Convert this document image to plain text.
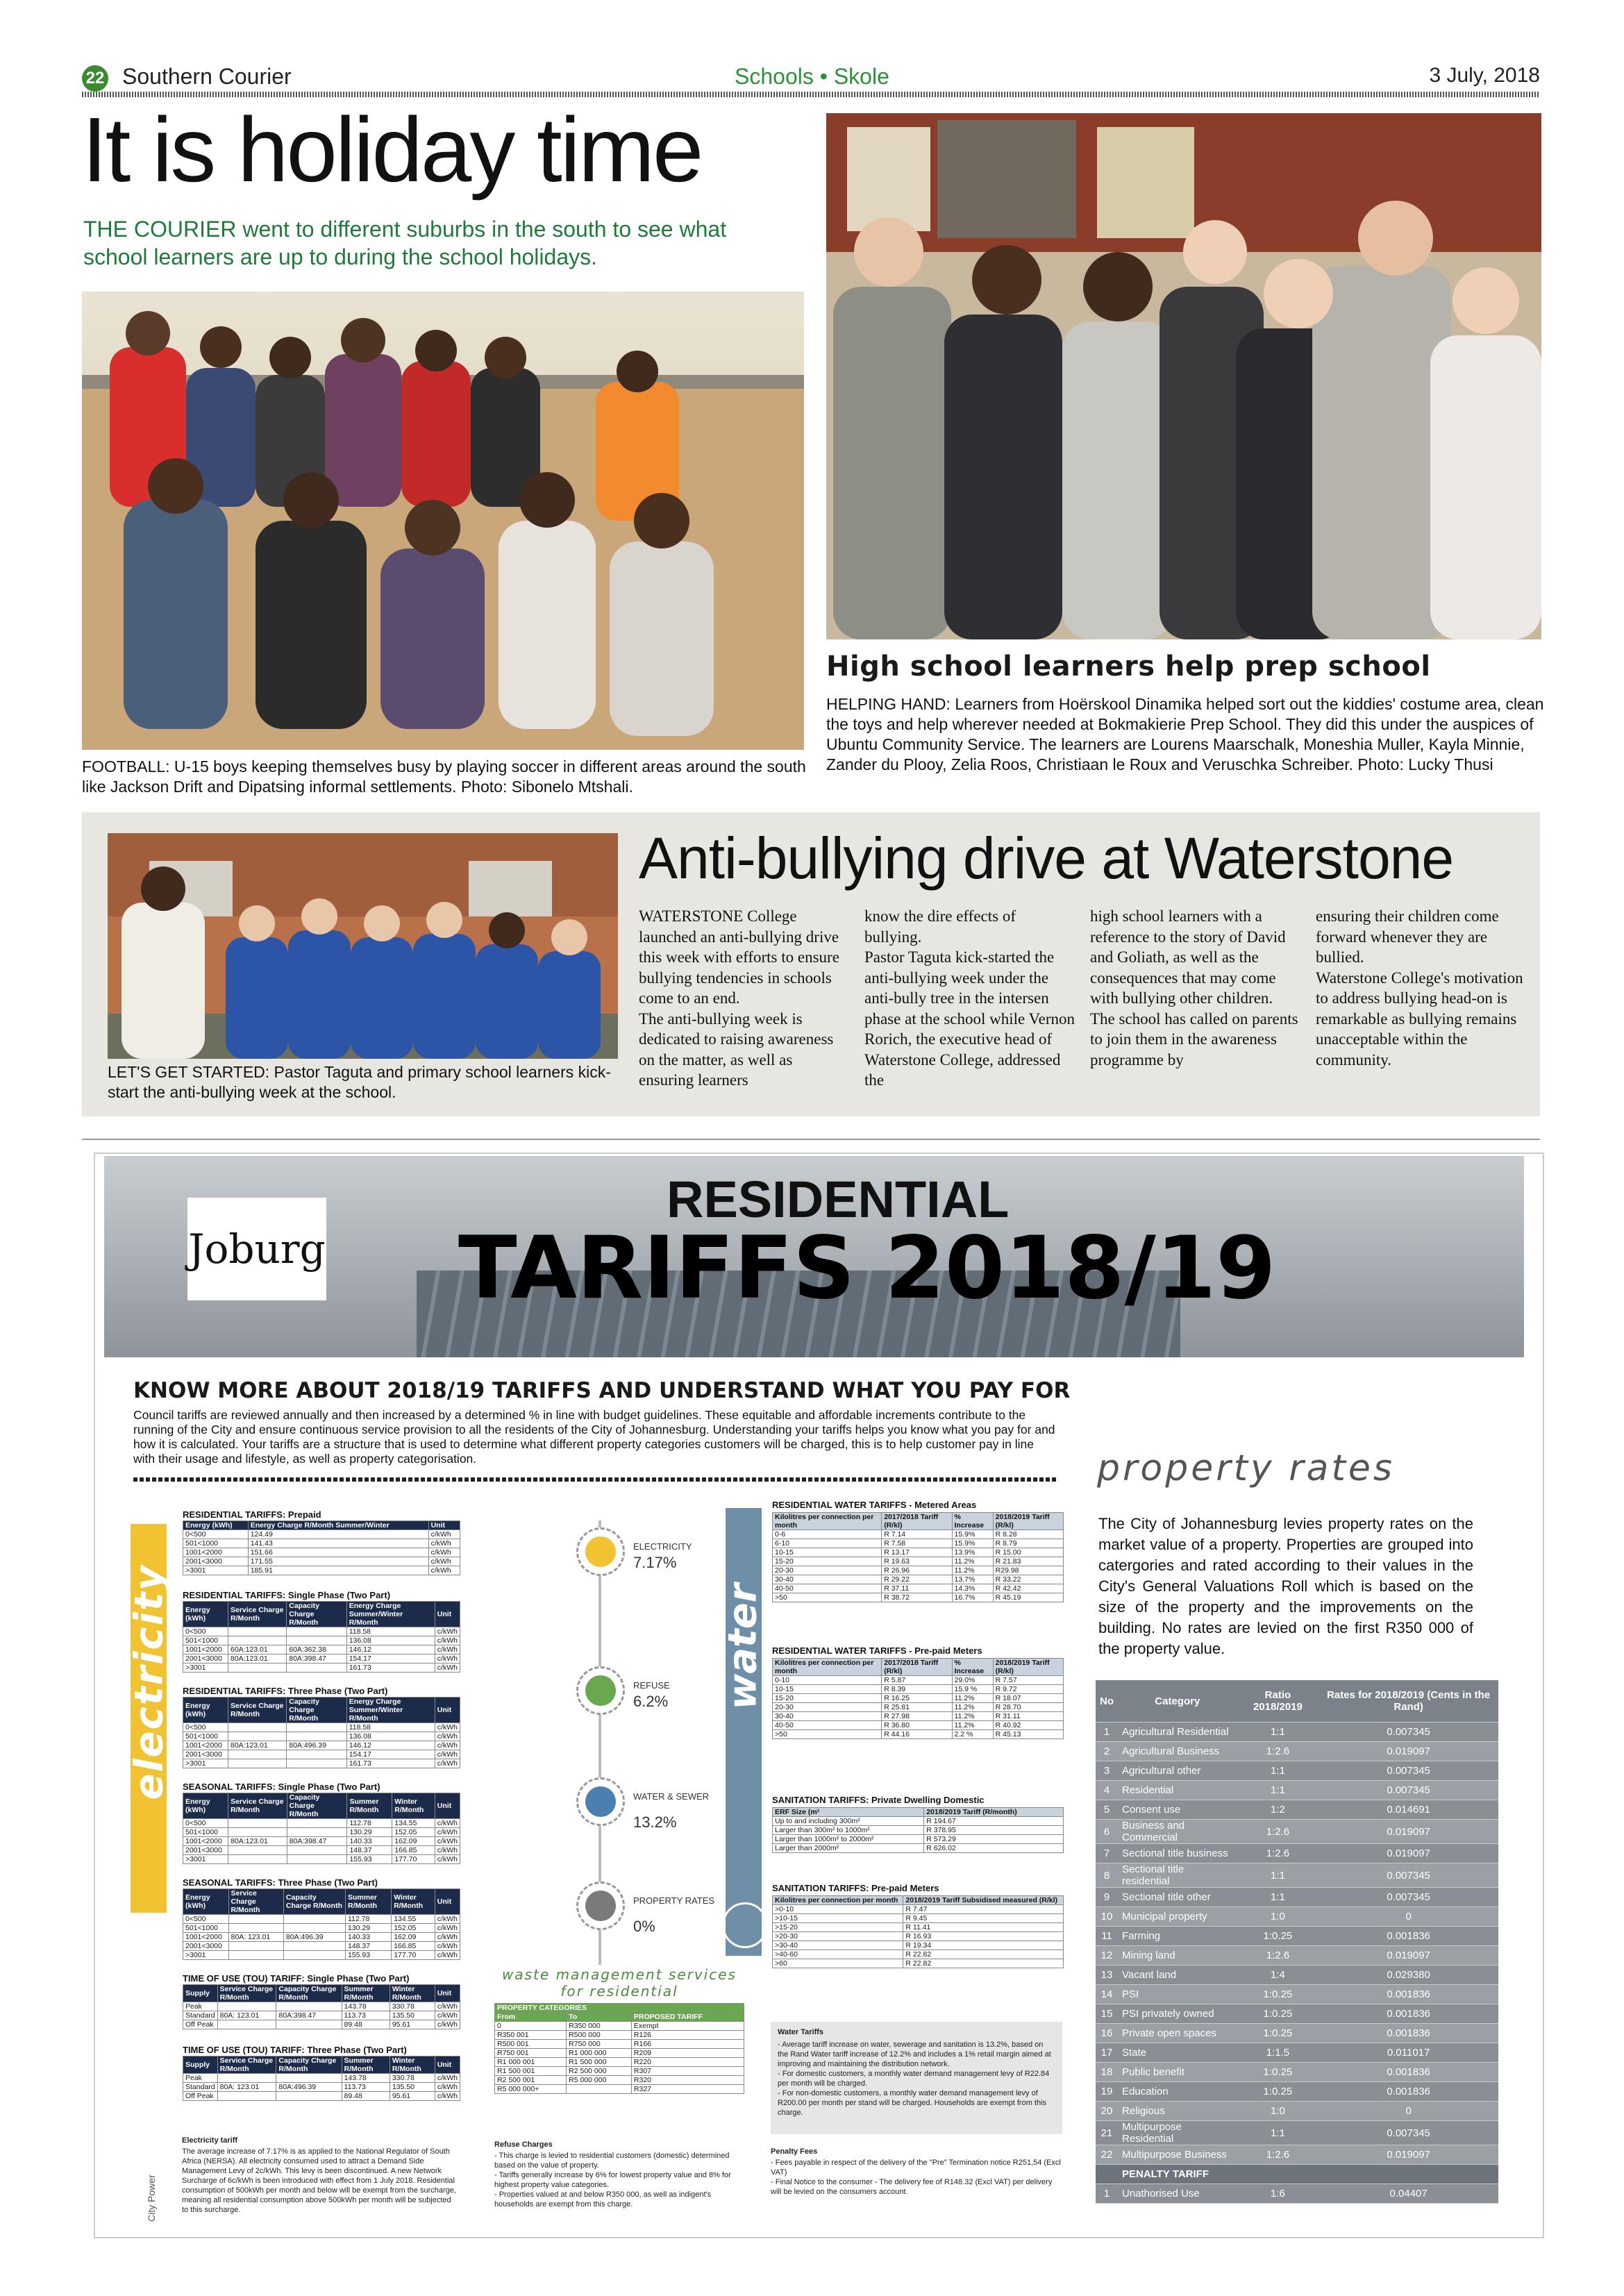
22 Southern Courier	Schools • Skole	3 July, 2018
It is holiday time
THE COURIER went to different suburbs in the south to see what school learners are up to during the school holidays.
FOOTBALL: U-15 boys keeping themselves busy by playing soccer in different areas around the south like Jackson Drift and Dipatsing informal settlements. Photo: Sibonelo Mtshali.
High school learners help prep school
HELPING HAND: Learners from Hoërskool Dinamika helped sort out the kiddies' costume area, clean the toys and help wherever needed at Bokmakierie Prep School. They did this under the auspices of Ubuntu Community Service. The learners are Lourens Maarschalk, Moneshia Muller, Kayla Minnie, Zander du Plooy, Zelia Roos, Christiaan le Roux and Veruschka Schreiber. Photo: Lucky Thusi
LET'S GET STARTED: Pastor Taguta and primary school learners kick-start the anti-bullying week at the school.
Anti-bullying drive at Waterstone
WATERSTONE College launched an anti-bullying drive this week with efforts to ensure bullying tendencies in schools come to an end.
The anti-bullying week is dedicated to raising awareness on the matter, as well as ensuring learners
know the dire effects of bullying.
Pastor Taguta kick-started the anti-bullying week under the anti-bully tree in the intersen phase at the school while Vernon Rorich, the executive head of Waterstone College, addressed the
high school learners with a reference to the story of David and Goliath, as well as the consequences that may come with bullying other children.
The school has called on parents to join them in the awareness programme by
ensuring their children come forward whenever they are bullied.
Waterstone College's motivation to address bullying head-on is remarkable as bullying remains unacceptable within the community.
Joburg
RESIDENTIAL
TARIFFS 2018/19
KNOW MORE ABOUT 2018/19 TARIFFS AND UNDERSTAND WHAT YOU PAY FOR
Council tariffs are reviewed annually and then increased by a determined % in line with budget guidelines. These equitable and affordable increments contribute to the running of the City and ensure continuous service provision to all the residents of the City of Johannesburg. Understanding your tariffs helps you know what you pay for and how it is calculated. Your tariffs are a structure that is used to determine what different property categories customers will be charged, this is to help customer pay in line with their usage and lifestyle, as well as property categorisation.
electricity
RESIDENTIAL TARIFFS: Prepaid
Energy (kWh)	Energy Charge R/Month Summer/Winter	Unit
0<500	124.49	c/kWh
501<1000	141.43	c/kWh
1001<2000	151.66	c/kWh
2001<3000	171.55	c/kWh
>3001	185.91	c/kWh
RESIDENTIAL TARIFFS: Single Phase (Two Part)
Energy (kWh)	Service Charge R/Month	Capacity Charge R/Month	Energy Charge Summer/Winter R/Month	Unit
0<500			118.58	c/kWh
501<1000			136.08	c/kWh
1001<2000	60A:123.01	60A:362.38	146.12	c/kWh
2001<3000	80A:123.01	80A:398.47	154.17	c/kWh
>3001			161.73	c/kWh
RESIDENTIAL TARIFFS: Three Phase (Two Part)
Energy (kWh)	Service Charge R/Month	Capacity Charge R/Month	Energy Charge Summer/Winter R/Month	Unit
0<500			118.58	c/kWh
501<1000			136.08	c/kWh
1001<2000	80A:123.01	80A:496.39	146.12	c/kWh
2001<3000			154.17	c/kWh
>3001			161.73	c/kWh
SEASONAL TARIFFS: Single Phase (Two Part)
Energy (kWh)	Service Charge R/Month	Capacity Charge R/Month	Summer R/Month	Winter R/Month	Unit
0<500			112.78	134.55	c/kWh
501<1000			130.29	152.05	c/kWh
1001<2000	80A:123.01	80A:398.47	140.33	162.09	c/kWh
2001<3000			148.37	166.85	c/kWh
>3001			155.93	177.70	c/kWh
SEASONAL TARIFFS: Three Phase (Two Part)
Energy (kWh)	Service Charge R/Month	Capacity Charge R/Month	Summer R/Month	Winter R/Month	Unit
0<500			112.78	134.55	c/kWh
501<1000			130.29	152.05	c/kWh
1001<2000	80A: 123.01	80A:496.39	140.33	162.09	c/kWh
2001<3000			148.37	166.85	c/kWh
>3001			155.93	177.70	c/kWh
TIME OF USE (TOU) TARIFF: Single Phase (Two Part)
Supply	Service Charge R/Month	Capacity Charge R/Month	Summer R/Month	Winter R/Month	Unit
Peak			143.78	330.78	c/kWh
Standard	80A: 123.01	80A:398.47	113.73	135.50	c/kWh
Off Peak			89.48	95.61	c/kWh
TIME OF USE (TOU) TARIFF: Three Phase (Two Part)
Supply	Service Charge R/Month	Capacity Charge R/Month	Summer R/Month	Winter R/Month	Unit
Peak			143.78	330.78	c/kWh
Standard	80A: 123.01	80A:496.39	113.73	135.50	c/kWh
Off Peak			89.48	95.61	c/kWh
Electricity tariff
The average increase of 7.17% is as applied to the National Regulator of South Africa (NERSA). All electricity consumed used to attract a Demand Side Management Levy of 2c/kWh. This levy is been discontinued. A new Network Surcharge of 6c/kWh is been introduced with effect from 1 July 2018. Residential consumption of 500kWh per month and below will be exempt from the surcharge, meaning all residential consumption above 500kWh per month will be subjected to this surcharge.
City Power
ELECTRICITY
7.17%
REFUSE
6.2%
WATER & SEWER
13.2%
PROPERTY RATES
0%
waste management services for residential
PROPERTY CATEGORIES		
From	To	PROPOSED TARIFF
0	R350 000	Exempt
R350 001	R500 000	R126
R500 001	R750 000	R166
R750 001	R1 000 000	R209
R1 000 001	R1 500 000	R220
R1 500 001	R2 500 000	R307
R2 500 001	R5 000 000	R320
R5 000 000+		R327
Refuse Charges
- This charge is levied to residential customers (domestic) determined based on the value of property.
- Tariffs generally increase by 6% for lowest property value and 8% for highest property value categories.
- Properties valued at and below R350 000, as well as indigent's households are exempt from this charge.
water
RESIDENTIAL WATER TARIFFS - Metered Areas
Kilolitres per connection per month	2017/2018 Tariff (R/kl)	% Increase	2018/2019 Tariff (R/kl)
0-6	R 7.14	15.9%	R 8.28
6-10	R 7.58	15.9%	R 8.79
10-15	R 13.17	13.9%	R 15.00
15-20	R 19.63	11.2%	R 21.83
20-30	R 26.96	11.2%	R29.98
30-40	R 29.22	13.7%	R 33.22
40-50	R 37.11	14.3%	R 42.42
>50	R 38.72	16.7%	R 45.19
RESIDENTIAL WATER TARIFFS - Pre-paid Meters
Kilolitres per connection per month	2017/2018 Tariff (R/kl)	% Increase	2018/2019 Tariff (R/kl)
0-10	R 5.87	29.0%	R 7.57
10-15	R 8.39	15.9 %	R 9.72
15-20	R 16.25	11.2%	R 18.07
20-30	R 25.81	11.2%	R 28.70
30-40	R 27.98	11.2%	R 31.11
40-50	R 36.80	11.2%	R 40.92
>50	R 44.16	2.2 %	R 45.13
SANITATION TARIFFS: Private Dwelling Domestic
ERF Size (m²	2018/2019 Tariff (R/month)
Up to and including 300m²	R 194.67
Larger than 300m² to 1000m²	R 378.95
Larger than 1000m² to 2000m²	R 573.29
Larger than 2000m²	R 626.02
SANITATION TARIFFS: Pre-paid Meters
Kilolitres per connection per month	2018/2019 Tariff Subsidised measured (R/kl)
>0-10	R 7.47
>10-15	R 9.45
>15-20	R 11.41
>20-30	R 16.93
>30-40	R 19.34
>40-60	R 22.82
>60	R 22.82
Water Tariffs
- Average tariff increase on water, sewerage and sanitation is 13.2%, based on the Rand Water tariff increase of 12.2% and includes a 1% retail margin aimed at improving and maintaining the distribution network.
- For domestic customers, a monthly water demand management levy of R22.84 per month will be charged.
- For non-domestic customers, a monthly water demand management levy of R200.00 per month per stand will be charged. Households are exempt from this charge.
Penalty Fees
- Fees payable in respect of the delivery of the "Pre" Termination notice R251,54 (Excl VAT)
- Final Notice to the consumer - The delivery fee of R148.32 (Excl VAT) per delivery will be levied on the consumers account.
property rates
The City of Johannesburg levies property rates on the market value of a property. Properties are grouped into catergories and rated according to their values in the City's General Valuations Roll which is based on the size of the property and the improvements on the building. No rates are levied on the first R350 000 of the property value.
No	Category	Ratio 2018/2019	Rates for 2018/2019 (Cents in the Rand)
1	Agricultural Residential	1:1	0.007345
2	Agricultural Business	1:2.6	0.019097
3	Agricultural other	1:1	0.007345
4	Residential	1:1	0.007345
5	Consent use	1:2	0.014691
6	Business and Commercial	1:2.6	0.019097
7	Sectional title business	1:2.6	0.019097
8	Sectional title residential	1:1	0.007345
9	Sectional title other	1:1	0.007345
10	Municipal property	1:0	0
11	Farming	1:0.25	0.001836
12	Mining land	1:2.6	0.019097
13	Vacant land	1:4	0.029380
14	PSI	1:0.25	0.001836
15	PSI privately owned	1:0.25	0.001836
16	Private open spaces	1:0.25	0.001836
17	State	1:1.5	0.011017
18	Public benefit	1:0.25	0.001836
19	Education	1:0.25	0.001836
20	Religious	1:0	0
21	Multipurpose Residential	1:1	0.007345
22	Multipurpose Business	1:2.6	0.019097
	PENALTY TARIFF		
1	Unathorised Use	1:6	0.04407
